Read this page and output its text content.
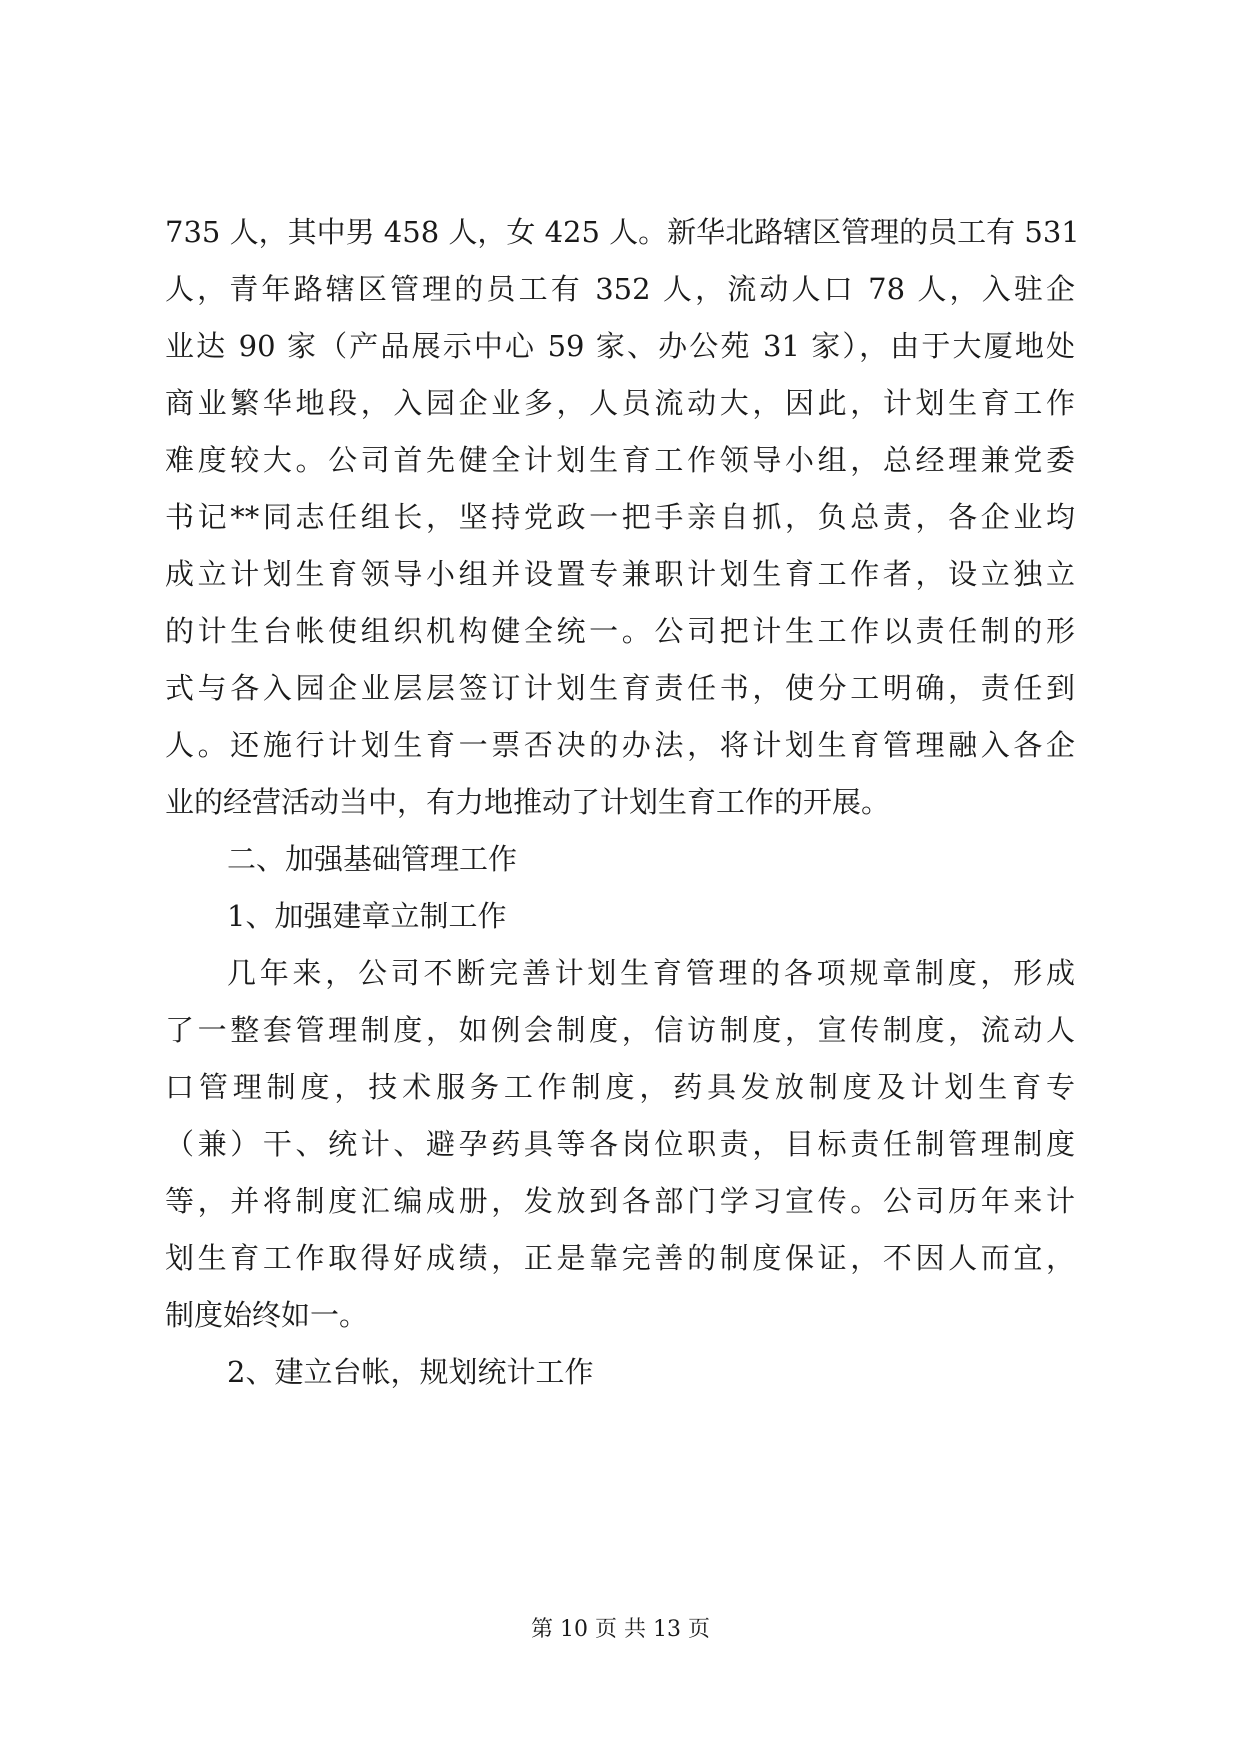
735 人，其中男 458 人，女 425 人。新华北路辖区管理的员工有 531
人，青年路辖区管理的员工有 352 人，流动人口 78 人，入驻企
业达 90 家（产品展示中心 59 家、办公苑 31 家），由于大厦地处
商业繁华地段，入园企业多，人员流动大，因此，计划生育工作
难度较大。公司首先健全计划生育工作领导小组，总经理兼党委
书记**同志任组长，坚持党政一把手亲自抓，负总责，各企业均
成立计划生育领导小组并设置专兼职计划生育工作者，设立独立
的计生台帐使组织机构健全统一。公司把计生工作以责任制的形
式与各入园企业层层签订计划生育责任书，使分工明确，责任到
人。还施行计划生育一票否决的办法，将计划生育管理融入各企
业的经营活动当中，有力地推动了计划生育工作的开展。
二、加强基础管理工作
1、加强建章立制工作
几年来，公司不断完善计划生育管理的各项规章制度，形成
了一整套管理制度，如例会制度，信访制度，宣传制度，流动人
口管理制度，技术服务工作制度，药具发放制度及计划生育专
（兼）干、统计、避孕药具等各岗位职责，目标责任制管理制度
等，并将制度汇编成册，发放到各部门学习宣传。公司历年来计
划生育工作取得好成绩，正是靠完善的制度保证，不因人而宜，
制度始终如一。
2、建立台帐，规划统计工作
第 10 页 共 13 页
